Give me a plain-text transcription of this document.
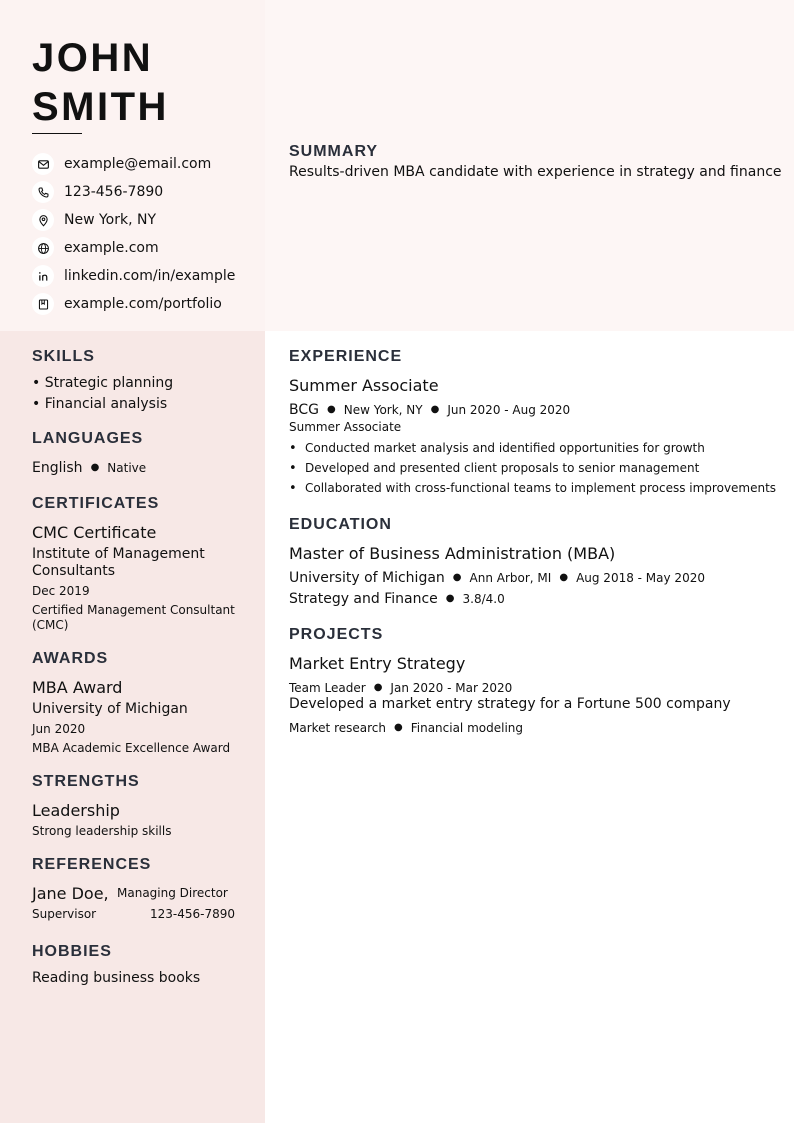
JOHN
SMITH
example@email.com
123-456-7890
New York, NY
example.com
linkedin.com/in/example
example.com/portfolio
SUMMARY
Results-driven MBA candidate with experience in strategy and finance
SKILLS
• Strategic planning
• Financial analysis
LANGUAGES
English ● Native
CERTIFICATES
CMC Certificate
Institute of Management Consultants
Dec 2019
Certified Management Consultant (CMC)
AWARDS
MBA Award
University of Michigan
Jun 2020
MBA Academic Excellence Award
STRENGTHS
Leadership
Strong leadership skills
REFERENCES
Jane Doe, Managing Director
Supervisor	123-456-7890
HOBBIES
Reading business books
EXPERIENCE
Summer Associate
BCG ● New York, NY ● Jun 2020 - Aug 2020
Summer Associate
• Conducted market analysis and identified opportunities for growth
• Developed and presented client proposals to senior management
• Collaborated with cross-functional teams to implement process improvements
EDUCATION
Master of Business Administration (MBA)
University of Michigan ● Ann Arbor, MI ● Aug 2018 - May 2020
Strategy and Finance ● 3.8/4.0
PROJECTS
Market Entry Strategy
Team Leader ● Jan 2020 - Mar 2020
Developed a market entry strategy for a Fortune 500 company
Market research ● Financial modeling
